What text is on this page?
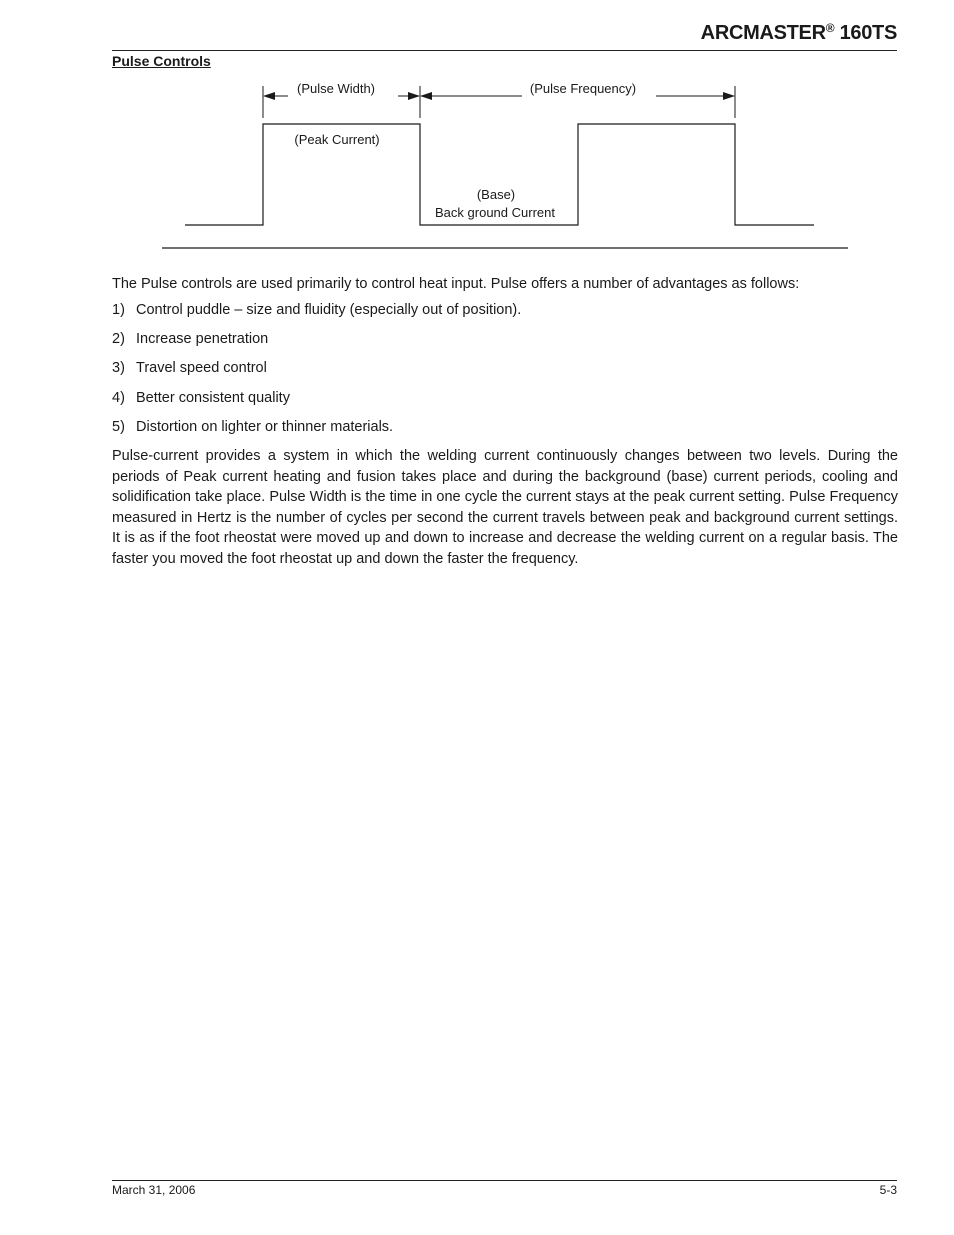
ARCMASTER® 160TS
Pulse Controls
(Pulse Width)	(Pulse Frequency)
(Peak Current)
(Base)
Back ground Current

The Pulse controls are used primarily to control heat input. Pulse offers a number of advantages as follows:

1) Control puddle – size and fluidity (especially out of position).
2) Increase penetration
3) Travel speed control
4) Better consistent quality
5) Distortion on lighter or thinner materials.

Pulse-current provides a system in which the welding current continuously changes between two levels. During the periods of Peak current heating and fusion takes place and during the background (base) current periods, cooling and solidification take place. Pulse Width is the time in one cycle the current stays at the peak current setting. Pulse Frequency measured in Hertz is the number of cycles per second the current travels between peak and background current settings. It is as if the foot rheostat were moved up and down to increase and decrease the welding current on a regular basis. The faster you moved the foot rheostat up and down the faster the frequency.

March 31, 2006	5-3
